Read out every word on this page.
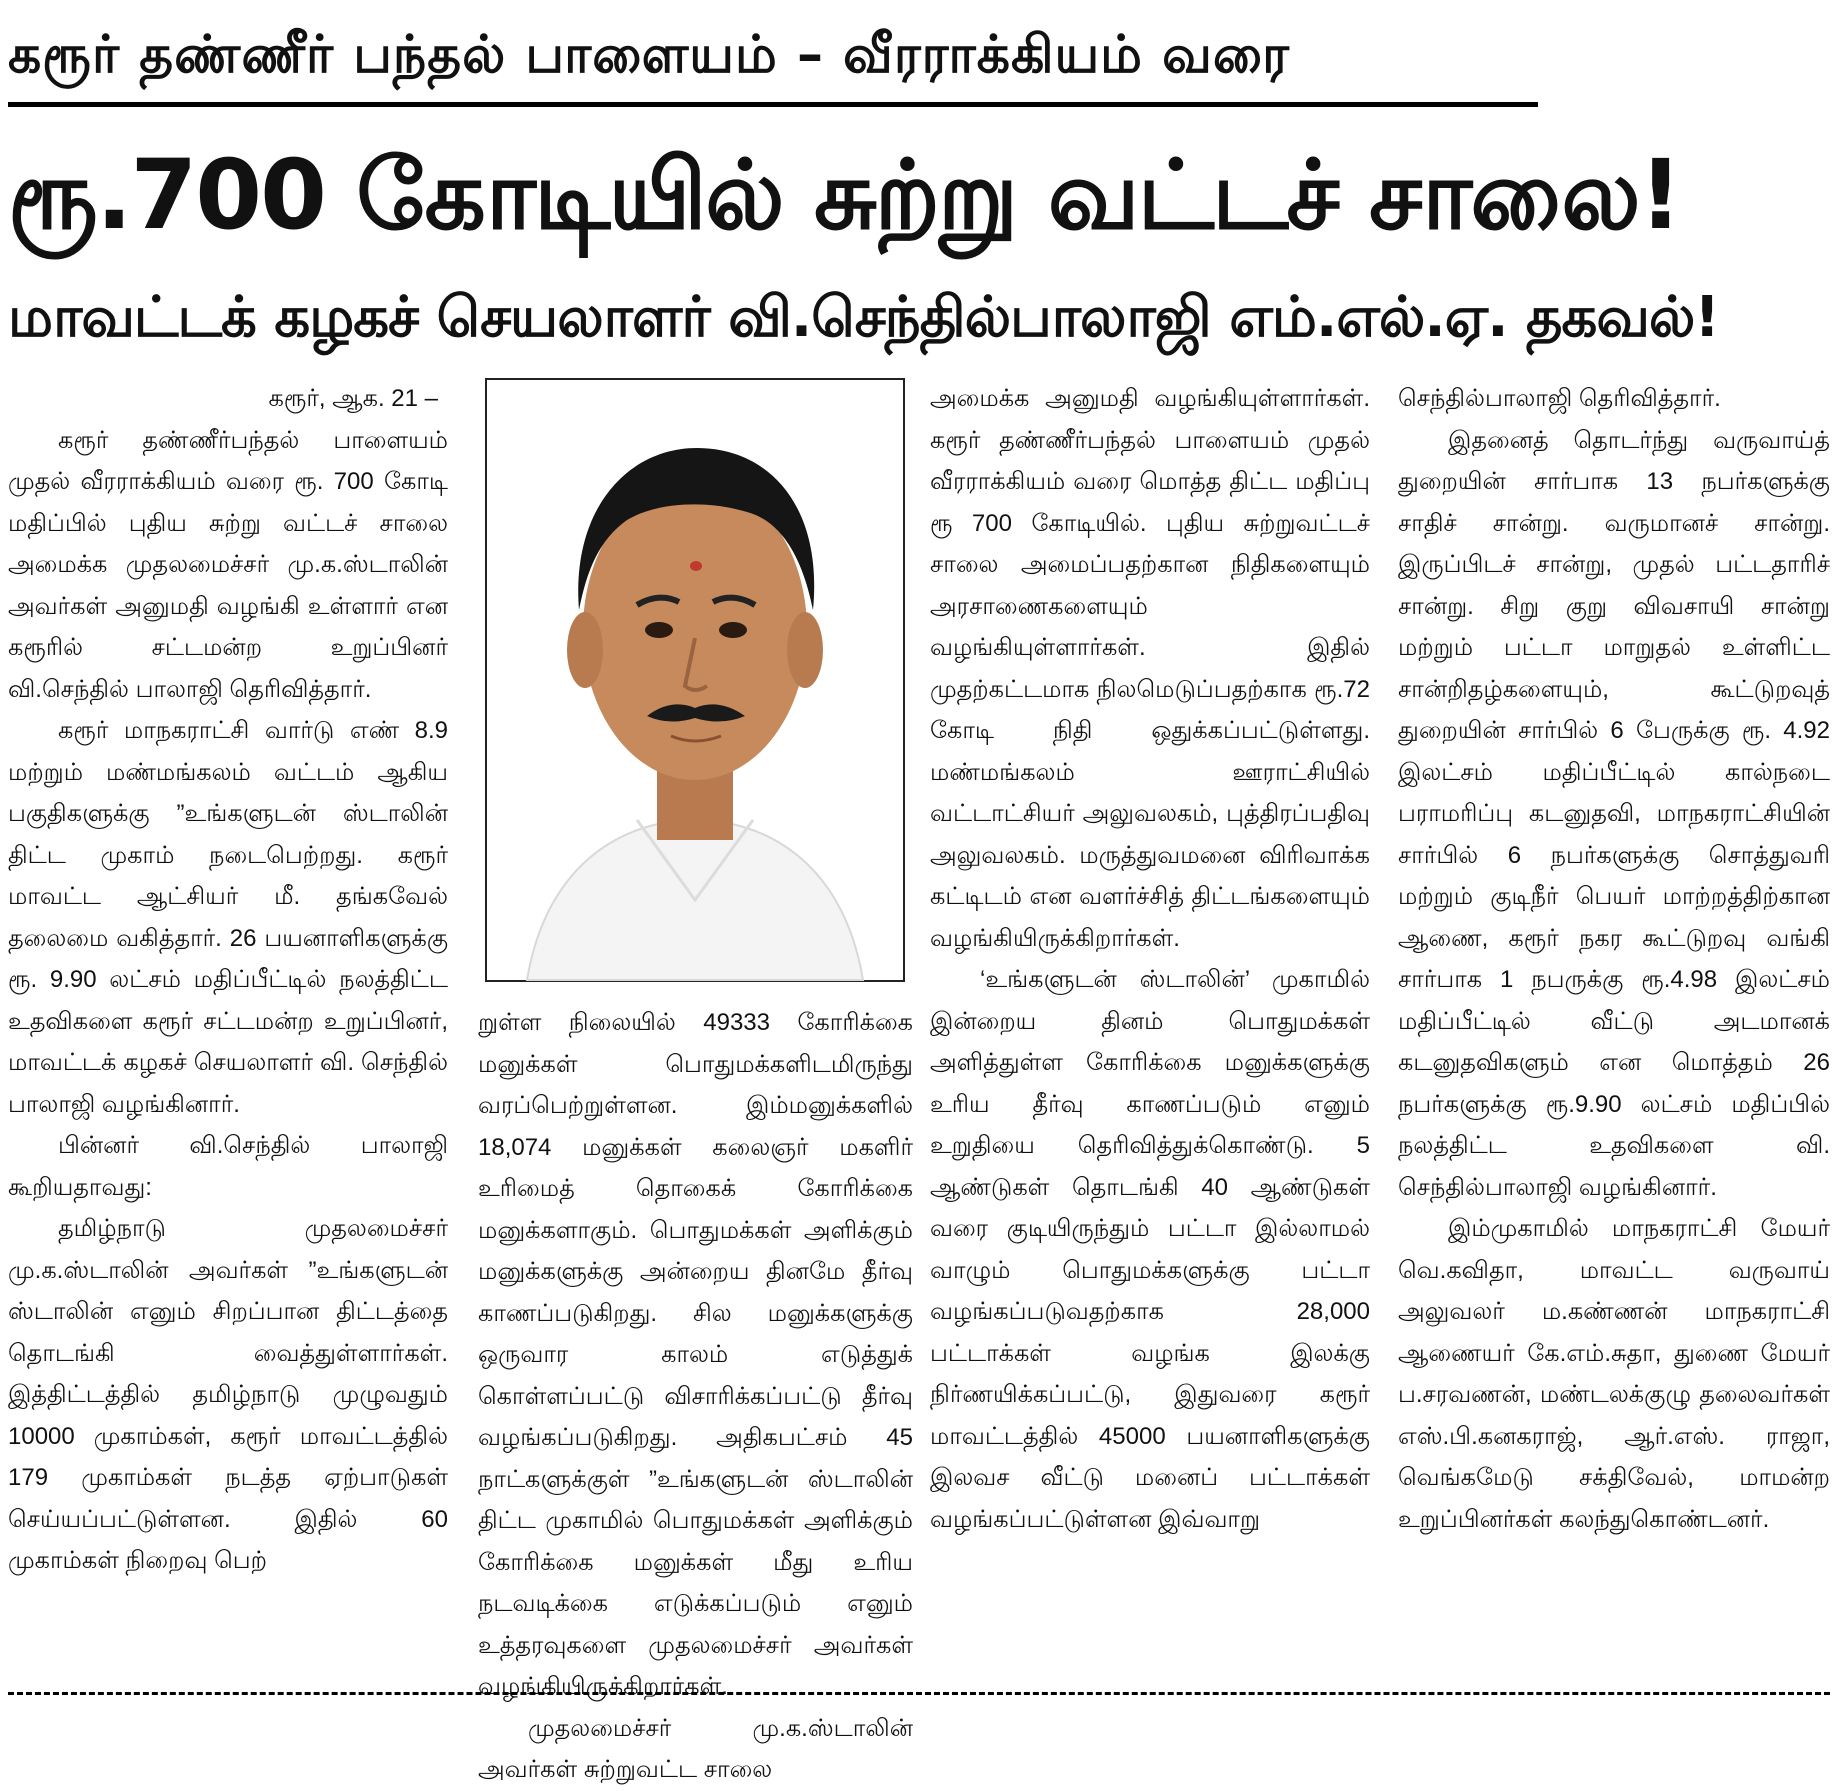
கரூர் தண்ணீர் பந்தல் பாளையம் – வீரராக்கியம் வரை
ரூ.700 கோடியில் சுற்று வட்டச் சாலை!
மாவட்டக் கழகச் செயலாளர் வி.செந்தில்பாலாஜி எம்.எல்.ஏ. தகவல்!

கரூர், ஆக. 21 –

கரூர் தண்ணீர்பந்தல் பாளையம் முதல் வீரராக்கியம் வரை ரூ. 700 கோடி மதிப்பில் புதிய சுற்று வட்டச் சாலை அமைக்க முதலமைச்சர் மு.க.ஸ்டாலின் அவர்கள் அனுமதி வழங்கி உள்ளார் என கரூரில் சட்டமன்ற உறுப்பினர் வி.செந்தில் பாலாஜி தெரிவித்தார்.

கரூர் மாநகராட்சி வார்டு எண் 8.9 மற்றும் மண்மங்கலம் வட்டம் ஆகிய பகுதிகளுக்கு ”உங்களுடன் ஸ்டாலின் திட்ட முகாம் நடைபெற்றது. கரூர் மாவட்ட ஆட்சியர் மீ. தங்கவேல் தலைமை வகித்தார். 26 பயனாளிகளுக்கு ரூ. 9.90 லட்சம் மதிப்பீட்டில் நலத்திட்ட உதவிகளை கரூர் சட்டமன்ற உறுப்பினர், மாவட்டக் கழகச் செயலாளர் வி. செந்தில் பாலாஜி வழங்கினார்.

பின்னர் வி.செந்தில் பாலாஜி கூறியதாவது:

தமிழ்நாடு முதலமைச்சர் மு.க.ஸ்டாலின் அவர்கள் ”உங்களுடன் ஸ்டாலின் எனும் சிறப்பான திட்டத்தை தொடங்கி வைத்துள்ளார்கள். இத்திட்டத்தில் தமிழ்நாடு முழுவதும் 10000 முகாம்கள், கரூர் மாவட்டத்தில் 179 முகாம்கள் நடத்த ஏற்பாடுகள் செய்யப்பட்டுள்ளன. இதில் 60 முகாம்கள் நிறைவு பெற்

றுள்ள நிலையில் 49333 கோரிக்கை மனுக்கள் பொதுமக்களிடமிருந்து வரப்பெற்றுள்ளன. இம்மனுக்களில் 18,074 மனுக்கள் கலைஞர் மகளிர் உரிமைத் தொகைக் கோரிக்கை மனுக்களாகும். பொதுமக்கள் அளிக்கும் மனுக்களுக்கு அன்றைய தினமே தீர்வு காணப்படுகிறது. சில மனுக்களுக்கு ஒருவார காலம் எடுத்துக் கொள்ளப்பட்டு விசாரிக்கப்பட்டு தீர்வு வழங்கப்படுகிறது. அதிகபட்சம் 45 நாட்களுக்குள் ”உங்களுடன் ஸ்டாலின் திட்ட முகாமில் பொதுமக்கள் அளிக்கும் கோரிக்கை மனுக்கள் மீது உரிய நடவடிக்கை எடுக்கப்படும் எனும் உத்தரவுகளை முதலமைச்சர் அவர்கள் வழங்கியிருக்கிறார்கள்.

முதலமைச்சர் மு.க.ஸ்டாலின் அவர்கள் சுற்றுவட்ட சாலை

அமைக்க அனுமதி வழங்கியுள்ளார்கள். கரூர் தண்ணீர்பந்தல் பாளையம் முதல் வீரராக்கியம் வரை மொத்த திட்ட மதிப்பு ரூ 700 கோடியில். புதிய சுற்றுவட்டச் சாலை அமைப்பதற்கான நிதிகளையும் அரசாணைகளையும் வழங்கியுள்ளார்கள். இதில் முதற்கட்டமாக நிலமெடுப்பதற்காக ரூ.72 கோடி நிதி ஒதுக்கப்பட்டுள்ளது. மண்மங்கலம் ஊராட்சியில் வட்டாட்சியர் அலுவலகம், புத்திரப்பதிவு அலுவலகம். மருத்துவமனை விரிவாக்க கட்டிடம் என வளர்ச்சித் திட்டங்களையும் வழங்கியிருக்கிறார்கள்.

‘உங்களுடன் ஸ்டாலின்’ முகாமில் இன்றைய தினம் பொதுமக்கள் அளித்துள்ள கோரிக்கை மனுக்களுக்கு உரிய தீர்வு காணப்படும் எனும் உறுதியை தெரிவித்துக்கொண்டு. 5 ஆண்டுகள் தொடங்கி 40 ஆண்டுகள் வரை குடியிருந்தும் பட்டா இல்லாமல் வாழும் பொதுமக்களுக்கு பட்டா வழங்கப்படுவதற்காக 28,000 பட்டாக்கள் வழங்க இலக்கு நிர்ணயிக்கப்பட்டு, இதுவரை கரூர் மாவட்டத்தில் 45000 பயனாளிகளுக்கு இலவச வீட்டு மனைப் பட்டாக்கள் வழங்கப்பட்டுள்ளன இவ்வாறு

செந்தில்பாலாஜி தெரிவித்தார்.

இதனைத் தொடர்ந்து வருவாய்த் துறையின் சார்பாக 13 நபர்களுக்கு சாதிச் சான்று. வருமானச் சான்று. இருப்பிடச் சான்று, முதல் பட்டதாரிச் சான்று. சிறு குறு விவசாயி சான்று மற்றும் பட்டா மாறுதல் உள்ளிட்ட சான்றிதழ்களையும், கூட்டுறவுத் துறையின் சார்பில் 6 பேருக்கு ரூ. 4.92 இலட்சம் மதிப்பீட்டில் கால்நடை பராமரிப்பு கடனுதவி, மாநகராட்சியின் சார்பில் 6 நபர்களுக்கு சொத்துவரி மற்றும் குடிநீர் பெயர் மாற்றத்திற்கான ஆணை, கரூர் நகர கூட்டுறவு வங்கி சார்பாக 1 நபருக்கு ரூ.4.98 இலட்சம் மதிப்பீட்டில் வீட்டு அடமானக் கடனுதவிகளும் என மொத்தம் 26 நபர்களுக்கு ரூ.9.90 லட்சம் மதிப்பில் நலத்திட்ட உதவிகளை வி. செந்தில்பாலாஜி வழங்கினார்.

இம்முகாமில் மாநகராட்சி மேயர் வெ.கவிதா, மாவட்ட வருவாய் அலுவலர் ம.கண்ணன் மாநகராட்சி ஆணையர் கே.எம்.சுதா, துணை மேயர் ப.சரவணன், மண்டலக்குழு தலைவர்கள் எஸ்.பி.கனகராஜ், ஆர்.எஸ். ராஜா, வெங்கமேடு சக்திவேல், மாமன்ற உறுப்பினர்கள் கலந்துகொண்டனர்.
